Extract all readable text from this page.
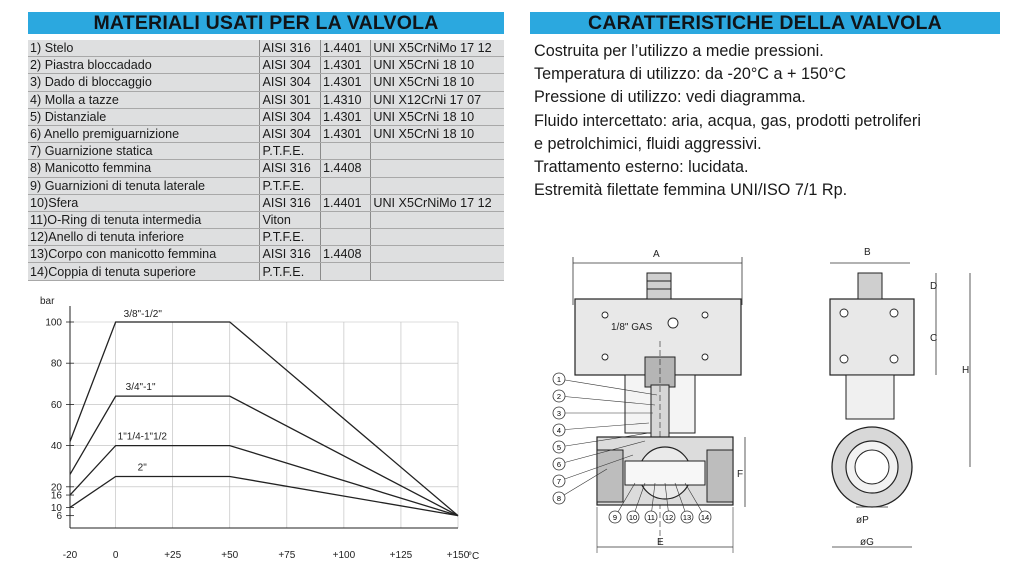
MATERIALI USATI PER LA VALVOLA
1) Stelo	AISI 316	1.4401	UNI X5CrNiMo 17 12
2) Piastra bloccadado	AISI 304	1.4301	UNI X5CrNi 18 10
3) Dado di bloccaggio	AISI 304	1.4301	UNI X5CrNi 18 10
4) Molla a tazze	AISI 301	1.4310	UNI X12CrNi 17 07
5) Distanziale	AISI 304	1.4301	UNI X5CrNi 18 10
6) Anello premiguarnizione	AISI 304	1.4301	UNI X5CrNi 18 10
7) Guarnizione statica	P.T.F.E.		
8) Manicotto femmina	AISI 316	1.4408	
9) Guarnizioni di tenuta laterale	P.T.F.E.		
10)Sfera	AISI 316	1.4401	UNI X5CrNiMo 17 12
11)O-Ring di tenuta intermedia	Viton		
12)Anello di tenuta inferiore	P.T.F.E.		
13)Corpo con manicotto femmina	AISI 316	1.4408	
14)Coppia di tenuta superiore	P.T.F.E.		
CARATTERISTICHE DELLA VALVOLA
Costruita per l’utilizzo a medie pressioni.
Temperatura di utilizzo: da -20°C a + 150°C
Pressione di utilizzo: vedi diagramma.
Fluido intercettato: aria, acqua, gas, prodotti petroliferi
e petrolchimici, fluidi aggressivi.
Trattamento esterno: lucidata.
Estremità filettate femmina UNI/ISO 7/1 Rp.
6
10
16
20
40
60
80
100
-20	0	+25	+50	+75	+100	+125	+150
bar
°C
3/8"-1/2"
3/4"-1"
1"1/4-1"1/2
2"
A
1/8" GAS
F
E
1
2
3
4
5
6
7
8
9 10 11 12 13 14
B
D
C
H
øP
øG
